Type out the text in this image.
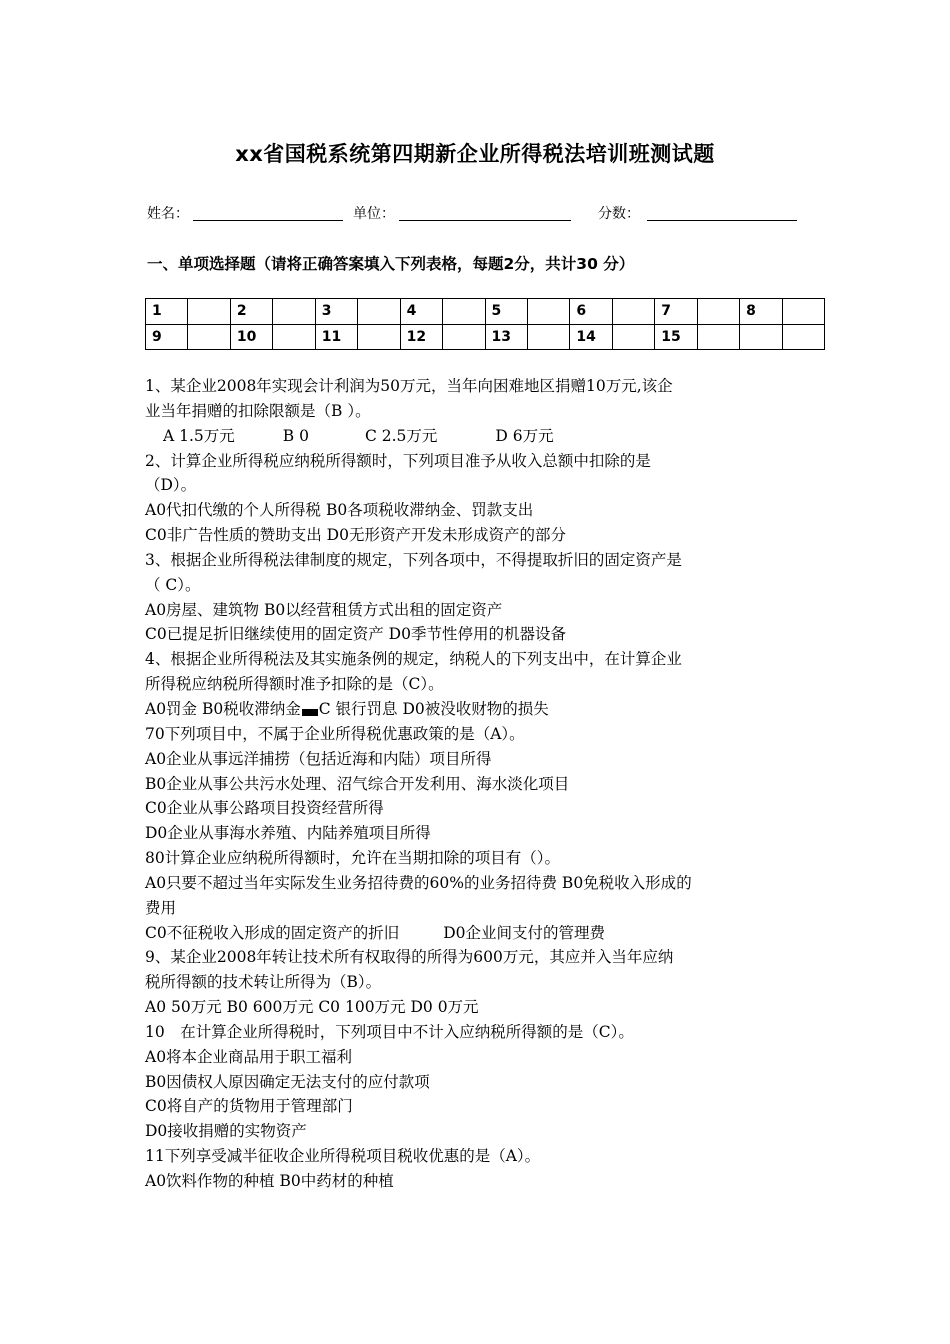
xx省国税系统第四期新企业所得税法培训班测试题
姓名：	单位：	分数：
一、单项选择题（请将正确答案填入下列表格，每题2分，共计30 分）
1		2		3		4		5		6		7		8	
9		10		11		12		13		14		15			
1、某企业2008年实现会计利润为50万元，当年向困难地区捐赠10万元,该企
业当年捐赠的扣除限额是（B ）。
A 1.5万元	B 0	C 2.5万元	D 6万元
2、计算企业所得税应纳税所得额时，下列项目准予从收入总额中扣除的是
（D）。
A0代扣代缴的个人所得税 B0各项税收滞纳金、罚款支出
C0非广告性质的赞助支出 D0无形资产开发未形成资产的部分
3、根据企业所得税法律制度的规定，下列各项中，不得提取折旧的固定资产是
（ C）。
A0房屋、建筑物 B0以经营租赁方式出租的固定资产
C0已提足折旧继续使用的固定资产 D0季节性停用的机器设备
4、根据企业所得税法及其实施条例的规定，纳税人的下列支出中，在计算企业
所得税应纳税所得额时准予扣除的是（C）。
A0罚金 B0税收滞纳金 C 银行罚息 D0被没收财物的损失
70下列项目中，不属于企业所得税优惠政策的是（A）。
A0企业从事远洋捕捞（包括近海和内陆）项目所得
B0企业从事公共污水处理、沼气综合开发利用、海水淡化项目
C0企业从事公路项目投资经营所得
D0企业从事海水养殖、内陆养殖项目所得
80计算企业应纳税所得额时，允许在当期扣除的项目有（）。
A0只要不超过当年实际发生业务招待费的60%的业务招待费 B0免税收入形成的
费用
C0不征税收入形成的固定资产的折旧	D0企业间支付的管理费
9、某企业2008年转让技术所有权取得的所得为600万元，其应并入当年应纳
税所得额的技术转让所得为（B）。
A0 50万元 B0 600万元 C0 100万元 D0 0万元
10　在计算企业所得税时，下列项目中不计入应纳税所得额的是（C）。
A0将本企业商品用于职工福利
B0因债权人原因确定无法支付的应付款项
C0将自产的货物用于管理部门
D0接收捐赠的实物资产
11下列享受减半征收企业所得税项目税收优惠的是（A）。
A0饮料作物的种植 B0中药材的种植
